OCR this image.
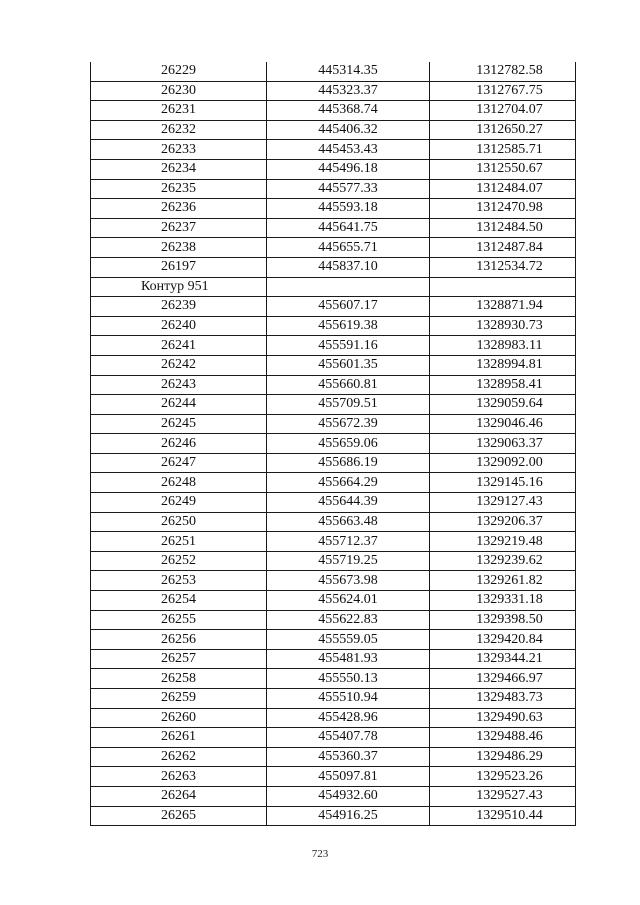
26229	445314.35	1312782.58
26230	445323.37	1312767.75
26231	445368.74	1312704.07
26232	445406.32	1312650.27
26233	445453.43	1312585.71
26234	445496.18	1312550.67
26235	445577.33	1312484.07
26236	445593.18	1312470.98
26237	445641.75	1312484.50
26238	445655.71	1312487.84
26197	445837.10	1312534.72
Контур 951		
26239	455607.17	1328871.94
26240	455619.38	1328930.73
26241	455591.16	1328983.11
26242	455601.35	1328994.81
26243	455660.81	1328958.41
26244	455709.51	1329059.64
26245	455672.39	1329046.46
26246	455659.06	1329063.37
26247	455686.19	1329092.00
26248	455664.29	1329145.16
26249	455644.39	1329127.43
26250	455663.48	1329206.37
26251	455712.37	1329219.48
26252	455719.25	1329239.62
26253	455673.98	1329261.82
26254	455624.01	1329331.18
26255	455622.83	1329398.50
26256	455559.05	1329420.84
26257	455481.93	1329344.21
26258	455550.13	1329466.97
26259	455510.94	1329483.73
26260	455428.96	1329490.63
26261	455407.78	1329488.46
26262	455360.37	1329486.29
26263	455097.81	1329523.26
26264	454932.60	1329527.43
26265	454916.25	1329510.44
723
